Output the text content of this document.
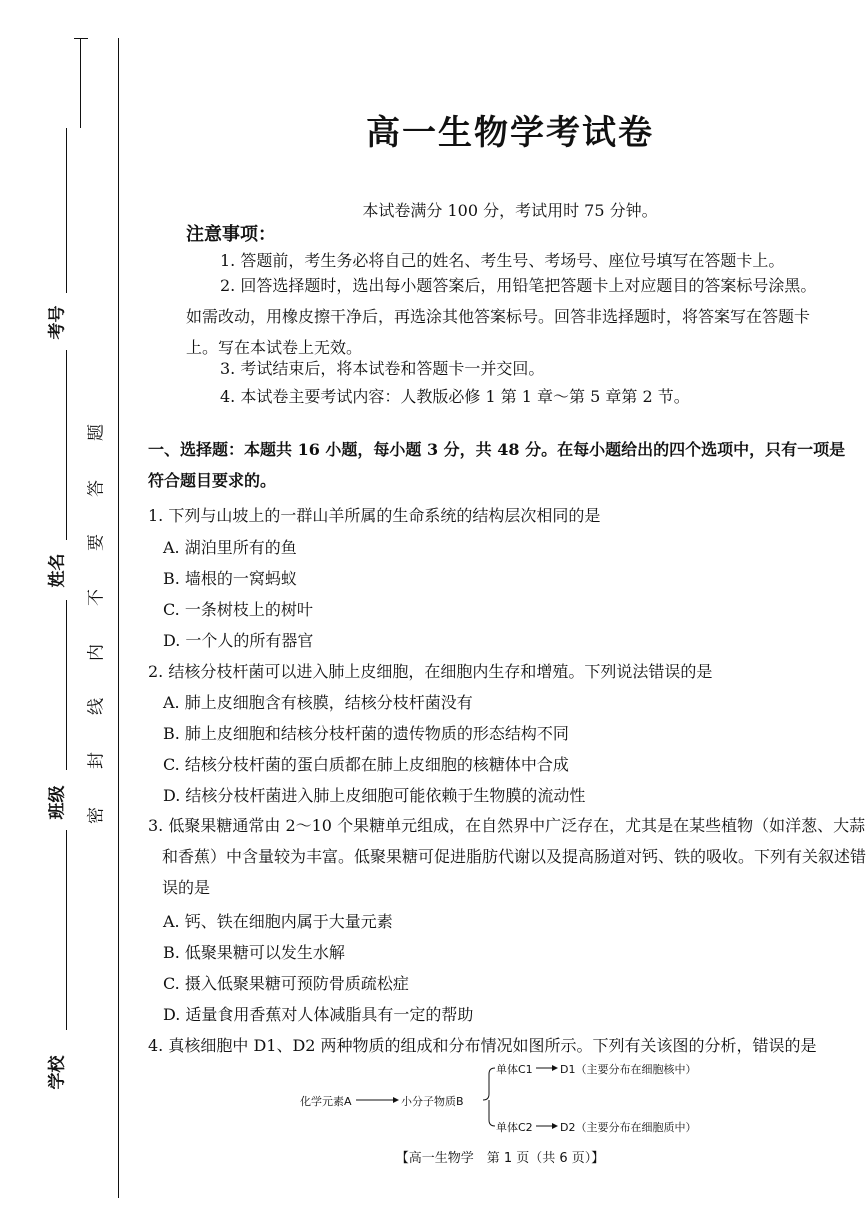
考号
姓名
班级
学校
题
答
要
不
内
线
封
密
高一生物学考试卷
本试卷满分 100 分，考试用时 75 分钟。
注意事项：
1. 答题前，考生务必将自己的姓名、考生号、考场号、座位号填写在答题卡上。
2. 回答选择题时，选出每小题答案后，用铅笔把答题卡上对应题目的答案标号涂黑。如需改动，用橡皮擦干净后，再选涂其他答案标号。回答非选择题时，将答案写在答题卡上。写在本试卷上无效。
3. 考试结束后，将本试卷和答题卡一并交回。
4. 本试卷主要考试内容：人教版必修 1 第 1 章～第 5 章第 2 节。
一、选择题：本题共 16 小题，每小题 3 分，共 48 分。在每小题给出的四个选项中，只有一项是符合题目要求的。
1. 下列与山坡上的一群山羊所属的生命系统的结构层次相同的是
A. 湖泊里所有的鱼
B. 墙根的一窝蚂蚁
C. 一条树枝上的树叶
D. 一个人的所有器官
2. 结核分枝杆菌可以进入肺上皮细胞，在细胞内生存和增殖。下列说法错误的是
A. 肺上皮细胞含有核膜，结核分枝杆菌没有
B. 肺上皮细胞和结核分枝杆菌的遗传物质的形态结构不同
C. 结核分枝杆菌的蛋白质都在肺上皮细胞的核糖体中合成
D. 结核分枝杆菌进入肺上皮细胞可能依赖于生物膜的流动性
3. 低聚果糖通常由 2～10 个果糖单元组成，在自然界中广泛存在，尤其是在某些植物（如洋葱、大蒜和香蕉）中含量较为丰富。低聚果糖可促进脂肪代谢以及提高肠道对钙、铁的吸收。下列有关叙述错误的是
A. 钙、铁在细胞内属于大量元素
B. 低聚果糖可以发生水解
C. 摄入低聚果糖可预防骨质疏松症
D. 适量食用香蕉对人体减脂具有一定的帮助
4. 真核细胞中 D1、D2 两种物质的组成和分布情况如图所示。下列有关该图的分析，错误的是
化学元素A	小分子物质B
单体C1 D1（主要分布在细胞核中）
单体C2 D2（主要分布在细胞质中）
【高一生物学　第 1 页（共 6 页）】
